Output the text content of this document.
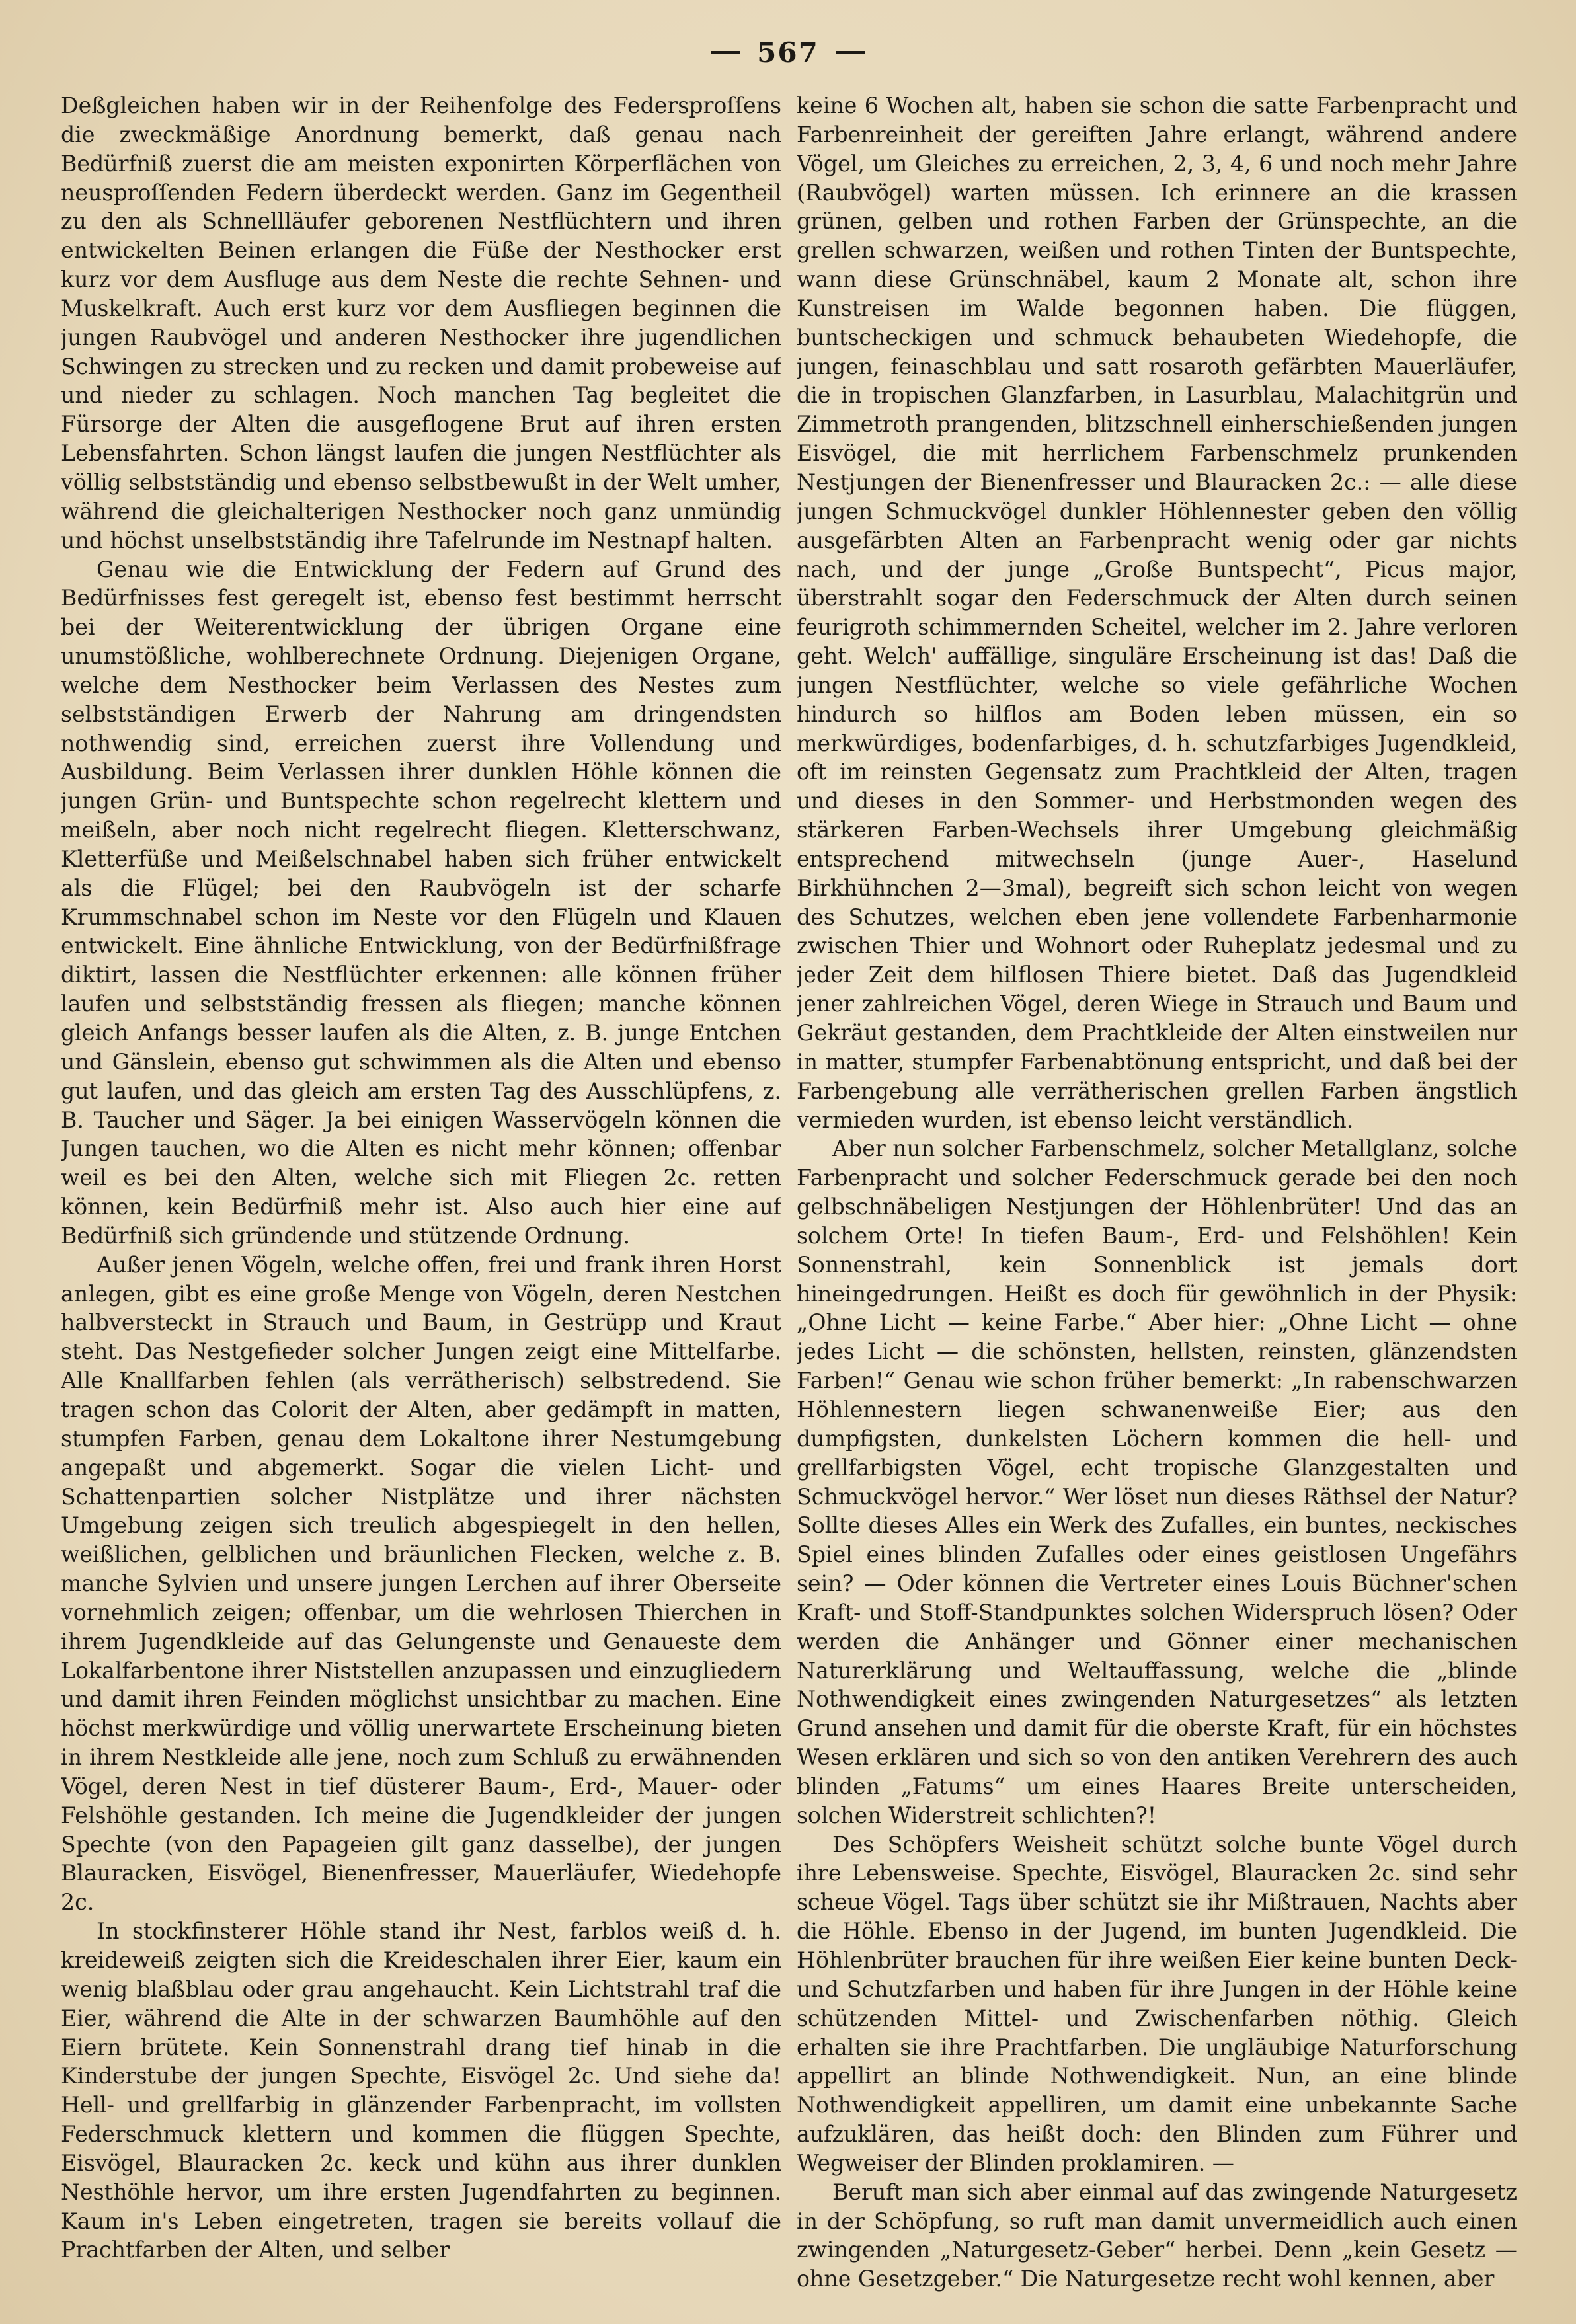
567

Deßgleichen haben wir in der Reihenfolge des Federsproſſens die zweckmäßige Anordnung bemerkt, daß genau nach Bedürfniß zuerst die am meisten exponirten Körperflächen von neusproſſenden Federn überdeckt werden. Ganz im Gegentheil zu den als Schnellläufer geborenen Nestflüchtern und ihren entwickelten Beinen erlangen die Füße der Nesthocker erst kurz vor dem Ausfluge aus dem Neste die rechte Sehnen- und Muskelkraft. Auch erst kurz vor dem Ausfliegen beginnen die jungen Raubvögel und anderen Nesthocker ihre jugendlichen Schwingen zu strecken und zu recken und damit probeweise auf und nieder zu schlagen. Noch manchen Tag begleitet die Fürsorge der Alten die ausgeflogene Brut auf ihren ersten Lebensfahrten. Schon längst laufen die jungen Nestflüchter als völlig selbstständig und ebenso selbstbewußt in der Welt umher, während die gleichalterigen Nesthocker noch ganz unmündig und höchst unselbstständig ihre Tafelrunde im Nestnapf halten.

Genau wie die Entwicklung der Federn auf Grund des Bedürfnisses fest geregelt ist, ebenso fest bestimmt herrscht bei der Weiterentwicklung der übrigen Organe eine unumstößliche, wohlberechnete Ordnung. Diejenigen Organe, welche dem Nesthocker beim Verlassen des Nestes zum selbstständigen Erwerb der Nahrung am dringendsten nothwendig sind, erreichen zuerst ihre Vollendung und Ausbildung. Beim Verlassen ihrer dunklen Höhle können die jungen Grün- und Buntspechte schon regelrecht klettern und meißeln, aber noch nicht regelrecht fliegen. Kletterschwanz, Kletterfüße und Meißelschnabel haben sich früher entwickelt als die Flügel; bei den Raubvögeln ist der scharfe Krummschnabel schon im Neste vor den Flügeln und Klauen entwickelt. Eine ähnliche Entwicklung, von der Bedürfnißfrage diktirt, lassen die Nestflüchter erkennen: alle können früher laufen und selbstständig fressen als fliegen; manche können gleich Anfangs besser laufen als die Alten, z. B. junge Entchen und Gänslein, ebenso gut schwimmen als die Alten und ebenso gut laufen, und das gleich am ersten Tag des Ausschlüpfens, z. B. Taucher und Säger. Ja bei einigen Wasservögeln können die Jungen tauchen, wo die Alten es nicht mehr können; offenbar weil es bei den Alten, welche sich mit Fliegen 2c. retten können, kein Bedürfniß mehr ist. Also auch hier eine auf Bedürfniß sich gründende und stützende Ordnung.

Außer jenen Vögeln, welche offen, frei und frank ihren Horst anlegen, gibt es eine große Menge von Vögeln, deren Nestchen halbversteckt in Strauch und Baum, in Gestrüpp und Kraut steht. Das Nestgefieder solcher Jungen zeigt eine Mittelfarbe. Alle Knallfarben fehlen (als verrätherisch) selbstredend. Sie tragen schon das Colorit der Alten, aber gedämpft in matten, stumpfen Farben, genau dem Lokaltone ihrer Nestumgebung angepaßt und abgemerkt. Sogar die vielen Licht- und Schattenpartien solcher Nistplätze und ihrer nächsten Umgebung zeigen sich treulich abgespiegelt in den hellen, weißlichen, gelblichen und bräunlichen Flecken, welche z. B. manche Sylvien und unsere jungen Lerchen auf ihrer Oberseite vornehmlich zeigen; offenbar, um die wehrlosen Thierchen in ihrem Jugendkleide auf das Gelungenste und Genaueste dem Lokalfarbentone ihrer Niststellen anzupassen und einzugliedern und damit ihren Feinden möglichst unsichtbar zu machen. Eine höchst merkwürdige und völlig unerwartete Erscheinung bieten in ihrem Nestkleide alle jene, noch zum Schluß zu erwähnenden Vögel, deren Nest in tief düsterer Baum-, Erd-, Mauer- oder Felshöhle gestanden. Ich meine die Jugendkleider der jungen Spechte (von den Papageien gilt ganz dasselbe), der jungen Blauracken, Eisvögel, Bienenfresser, Mauerläufer, Wiedehopfe 2c.

In stockfinsterer Höhle stand ihr Nest, farblos weiß d. h. kreideweiß zeigten sich die Kreideschalen ihrer Eier, kaum ein wenig blaßblau oder grau angehaucht. Kein Lichtstrahl traf die Eier, während die Alte in der schwarzen Baumhöhle auf den Eiern brütete. Kein Sonnenstrahl drang tief hinab in die Kinderstube der jungen Spechte, Eisvögel 2c. Und siehe da! Hell- und grellfarbig in glänzender Farbenpracht, im vollsten Federschmuck klettern und kommen die flüggen Spechte, Eisvögel, Blauracken 2c. keck und kühn aus ihrer dunklen Nesthöhle hervor, um ihre ersten Jugendfahrten zu beginnen. Kaum in's Leben eingetreten, tragen sie bereits vollauf die Prachtfarben der Alten, und selber

keine 6 Wochen alt, haben sie schon die satte Farbenpracht und Farbenreinheit der gereiften Jahre erlangt, während andere Vögel, um Gleiches zu erreichen, 2, 3, 4, 6 und noch mehr Jahre (Raubvögel) warten müssen. Ich erinnere an die krassen grünen, gelben und rothen Farben der Grünspechte, an die grellen schwarzen, weißen und rothen Tinten der Buntspechte, wann diese Grünschnäbel, kaum 2 Monate alt, schon ihre Kunstreisen im Walde begonnen haben. Die flüggen, buntscheckigen und schmuck behaubeten Wiedehopfe, die jungen, feinaschblau und satt rosaroth gefärbten Mauerläufer, die in tropischen Glanzfarben, in Lasurblau, Malachitgrün und Zimmetroth prangenden, blitzschnell einherschießenden jungen Eisvögel, die mit herrlichem Farbenschmelz prunkenden Nestjungen der Bienenfresser und Blauracken 2c.: — alle diese jungen Schmuckvögel dunkler Höhlennester geben den völlig ausgefärbten Alten an Farbenpracht wenig oder gar nichts nach, und der junge „Große Buntspecht“, Picus major, überstrahlt sogar den Federschmuck der Alten durch seinen feurigroth schimmernden Scheitel, welcher im 2. Jahre verloren geht. Welch' auffällige, singuläre Erscheinung ist das! Daß die jungen Nestflüchter, welche so viele gefährliche Wochen hindurch so hilflos am Boden leben müssen, ein so merkwürdiges, bodenfarbiges, d. h. schutzfarbiges Jugendkleid, oft im reinsten Gegensatz zum Prachtkleid der Alten, tragen und dieses in den Sommer- und Herbstmonden wegen des stärkeren Farben-Wechsels ihrer Umgebung gleichmäßig entsprechend mitwechseln (junge Auer-, Haselund Birkhühnchen 2—3mal), begreift sich schon leicht von wegen des Schutzes, welchen eben jene vollendete Farbenharmonie zwischen Thier und Wohnort oder Ruheplatz jedesmal und zu jeder Zeit dem hilflosen Thiere bietet. Daß das Jugendkleid jener zahlreichen Vögel, deren Wiege in Strauch und Baum und Gekräut gestanden, dem Prachtkleide der Alten einstweilen nur in matter, stumpfer Farbenabtönung entspricht, und daß bei der Farbengebung alle verrätherischen grellen Farben ängstlich vermieden wurden, ist ebenso leicht verständlich.

Aber nun solcher Farbenschmelz, solcher Metallglanz, solche Farbenpracht und solcher Federschmuck gerade bei den noch gelbschnäbeligen Nestjungen der Höhlenbrüter! Und das an solchem Orte! In tiefen Baum-, Erd- und Felshöhlen! Kein Sonnenstrahl, kein Sonnenblick ist jemals dort hineingedrungen. Heißt es doch für gewöhnlich in der Physik: „Ohne Licht — keine Farbe.“ Aber hier: „Ohne Licht — ohne jedes Licht — die schönsten, hellsten, reinsten, glänzendsten Farben!“ Genau wie schon früher bemerkt: „In rabenschwarzen Höhlennestern liegen schwanenweiße Eier; aus den dumpfigsten, dunkelsten Löchern kommen die hell- und grellfarbigsten Vögel, echt tropische Glanzgestalten und Schmuckvögel hervor.“ Wer löset nun dieses Räthsel der Natur? Sollte dieses Alles ein Werk des Zufalles, ein buntes, neckisches Spiel eines blinden Zufalles oder eines geistlosen Ungefährs sein? — Oder können die Vertreter eines Louis Büchner'schen Kraft- und Stoff-Standpunktes solchen Widerspruch lösen? Oder werden die Anhänger und Gönner einer mechanischen Naturerklärung und Weltauffassung, welche die „blinde Nothwendigkeit eines zwingenden Naturgesetzes“ als letzten Grund ansehen und damit für die oberste Kraft, für ein höchstes Wesen erklären und sich so von den antiken Verehrern des auch blinden „Fatums“ um eines Haares Breite unterscheiden, solchen Widerstreit schlichten?!

Des Schöpfers Weisheit schützt solche bunte Vögel durch ihre Lebensweise. Spechte, Eisvögel, Blauracken 2c. sind sehr scheue Vögel. Tags über schützt sie ihr Mißtrauen, Nachts aber die Höhle. Ebenso in der Jugend, im bunten Jugendkleid. Die Höhlenbrüter brauchen für ihre weißen Eier keine bunten Deck- und Schutzfarben und haben für ihre Jungen in der Höhle keine schützenden Mittel- und Zwischenfarben nöthig. Gleich erhalten sie ihre Prachtfarben. Die ungläubige Naturforschung appellirt an blinde Nothwendigkeit. Nun, an eine blinde Nothwendigkeit appelliren, um damit eine unbekannte Sache aufzuklären, das heißt doch: den Blinden zum Führer und Wegweiser der Blinden proklamiren. —

Beruft man sich aber einmal auf das zwingende Naturgesetz in der Schöpfung, so ruft man damit unvermeidlich auch einen zwingenden „Naturgesetz-Geber“ herbei. Denn „kein Gesetz — ohne Gesetzgeber.“ Die Naturgesetze recht wohl kennen, aber
